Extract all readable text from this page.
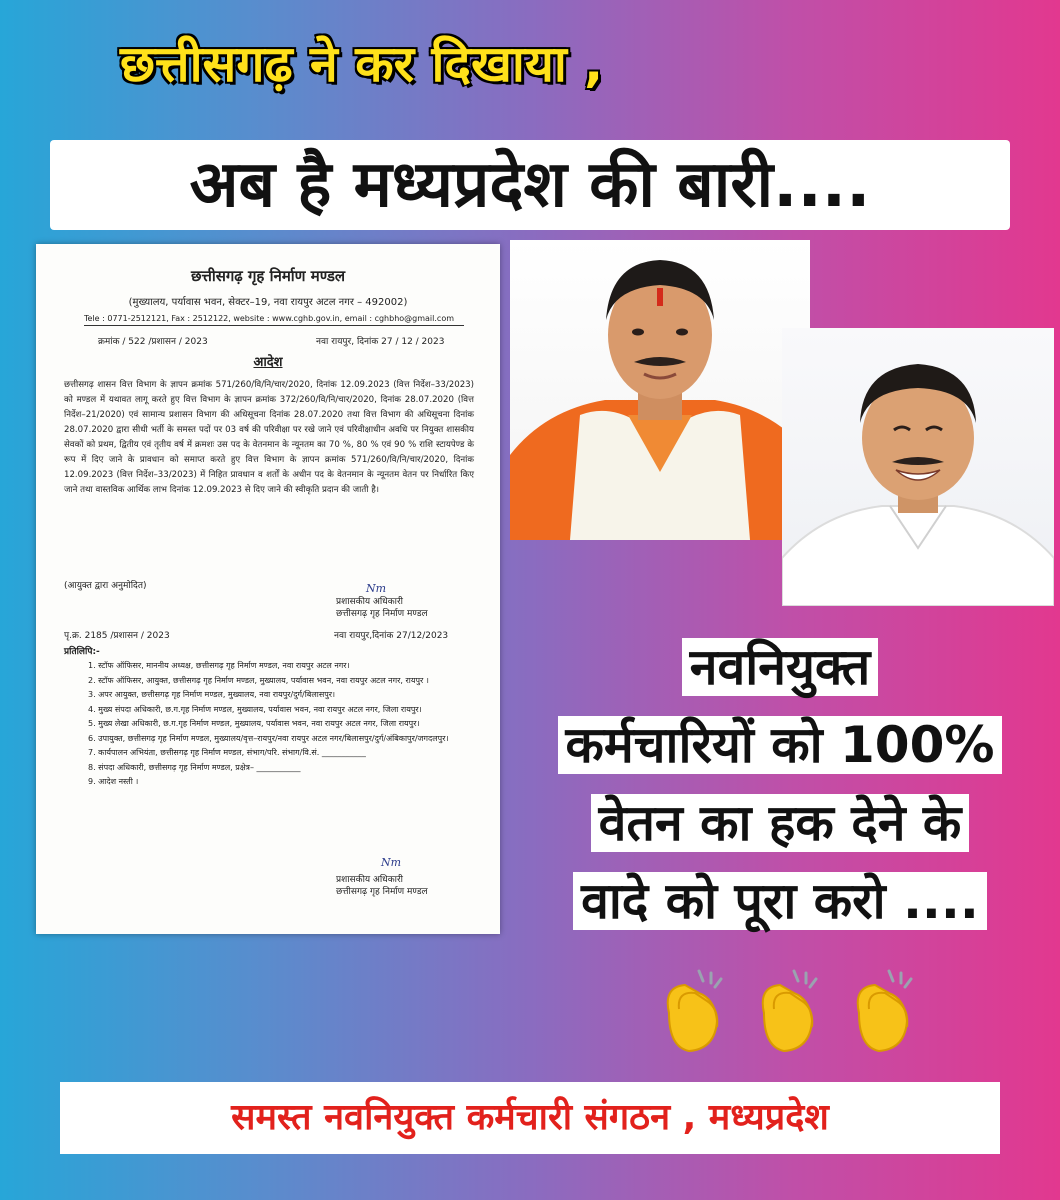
छत्तीसगढ़ ने कर दिखाया ,
अब है मध्यप्रदेश की बारी....
छत्तीसगढ़ गृह निर्माण मण्डल
(मुख्यालय, पर्यावास भवन, सेक्टर–19, नवा रायपुर अटल नगर – 492002)
Tele : 0771-2512121, Fax : 2512122, website : www.cghb.gov.in, email : cghbho@gmail.com
क्रमांक / 522 /प्रशासन / 2023	नवा रायपुर, दिनांक 27 / 12 / 2023
आदेश
छत्तीसगढ़ शासन वित्त विभाग के ज्ञापन क्रमांक 571/260/वि/नि/चार/2020, दिनांक 12.09.2023 (वित्त निर्देश–33/2023) को मण्डल में यथावत लागू करते हुए वित्त विभाग के ज्ञापन क्रमांक 372/260/वि/नि/चार/2020, दिनांक 28.07.2020 (वित्त निर्देश–21/2020) एवं सामान्य प्रशासन विभाग की अधिसूचना दिनांक 28.07.2020 तथा वित्त विभाग की अधिसूचना दिनांक 28.07.2020 द्वारा सीधी भर्ती के समस्त पदों पर 03 वर्ष की परिवीक्षा पर रखे जाने एवं परिवीक्षाधीन अवधि पर नियुक्त शासकीय सेवकों को प्रथम, द्वितीय एवं तृतीय वर्ष में क्रमशः उस पद के वेतनमान के न्यूनतम का 70 %, 80 % एवं 90 % राशि स्टायपेण्ड के रूप में दिए जाने के प्रावधान को समाप्त करते हुए वित्त विभाग के ज्ञापन क्रमांक 571/260/वि/नि/चार/2020, दिनांक 12.09.2023 (वित्त निर्देश–33/2023) में निहित प्रावधान व शर्तों के अधीन पद के वेतनमान के न्यूनतम वेतन पर निर्धारित किए जाने तथा वास्तविक आर्थिक लाभ दिनांक 12.09.2023 से दिए जाने की स्वीकृति प्रदान की जाती है।
(आयुक्त द्वारा अनुमोदित)	Nm
प्रशासकीय अधिकारी
छत्तीसगढ़ गृह निर्माण मण्डल
पृ.क्र. 2185 /प्रशासन / 2023	नवा रायपुर,दिनांक 27/12/2023
प्रतिलिपि:-
1. स्टॉफ ऑफिसर, माननीय अध्यक्ष, छत्तीसगढ़ गृह निर्माण मण्डल, नवा रायपुर अटल नगर।
2. स्टॉफ ऑफिसर, आयुक्त, छत्तीसगढ़ गृह निर्माण मण्डल, मुख्यालय, पर्यावास भवन, नवा रायपुर अटल नगर, रायपुर ।
3. अपर आयुक्त, छत्तीसगढ़ गृह निर्माण मण्डल, मुख्यालय, नवा रायपुर/दुर्ग/बिलासपुर।
4. मुख्य संपदा अधिकारी, छ.ग.गृह निर्माण मण्डल, मुख्यालय, पर्यावास भवन, नवा रायपुर अटल नगर, जिला रायपुर।
5. मुख्य लेखा अधिकारी, छ.ग.गृह निर्माण मण्डल, मुख्यालय, पर्यावास भवन, नवा रायपुर अटल नगर, जिला रायपुर।
6. उपायुक्त, छत्तीसगढ़ गृह निर्माण मण्डल, मुख्यालय/वृत्त–रायपुर/नवा रायपुर अटल नगर/बिलासपुर/दुर्ग/अंबिकापुर/जगदलपुर।
7. कार्यपालन अभियंता, छत्तीसगढ़ गृह निर्माण मण्डल, संभाग/परि. संभाग/वि.सं. ___________
8. संपदा अधिकारी, छत्तीसगढ़ गृह निर्माण मण्डल, प्रक्षेत्र– ___________
9. आदेश नस्ती ।
Nm
प्रशासकीय अधिकारी
छत्तीसगढ़ गृह निर्माण मण्डल
नवनियुक्त
कर्मचारियों को 100%
वेतन का हक देने के
वादे को पूरा करो ....
समस्त नवनियुक्त कर्मचारी संगठन , मध्यप्रदेश
